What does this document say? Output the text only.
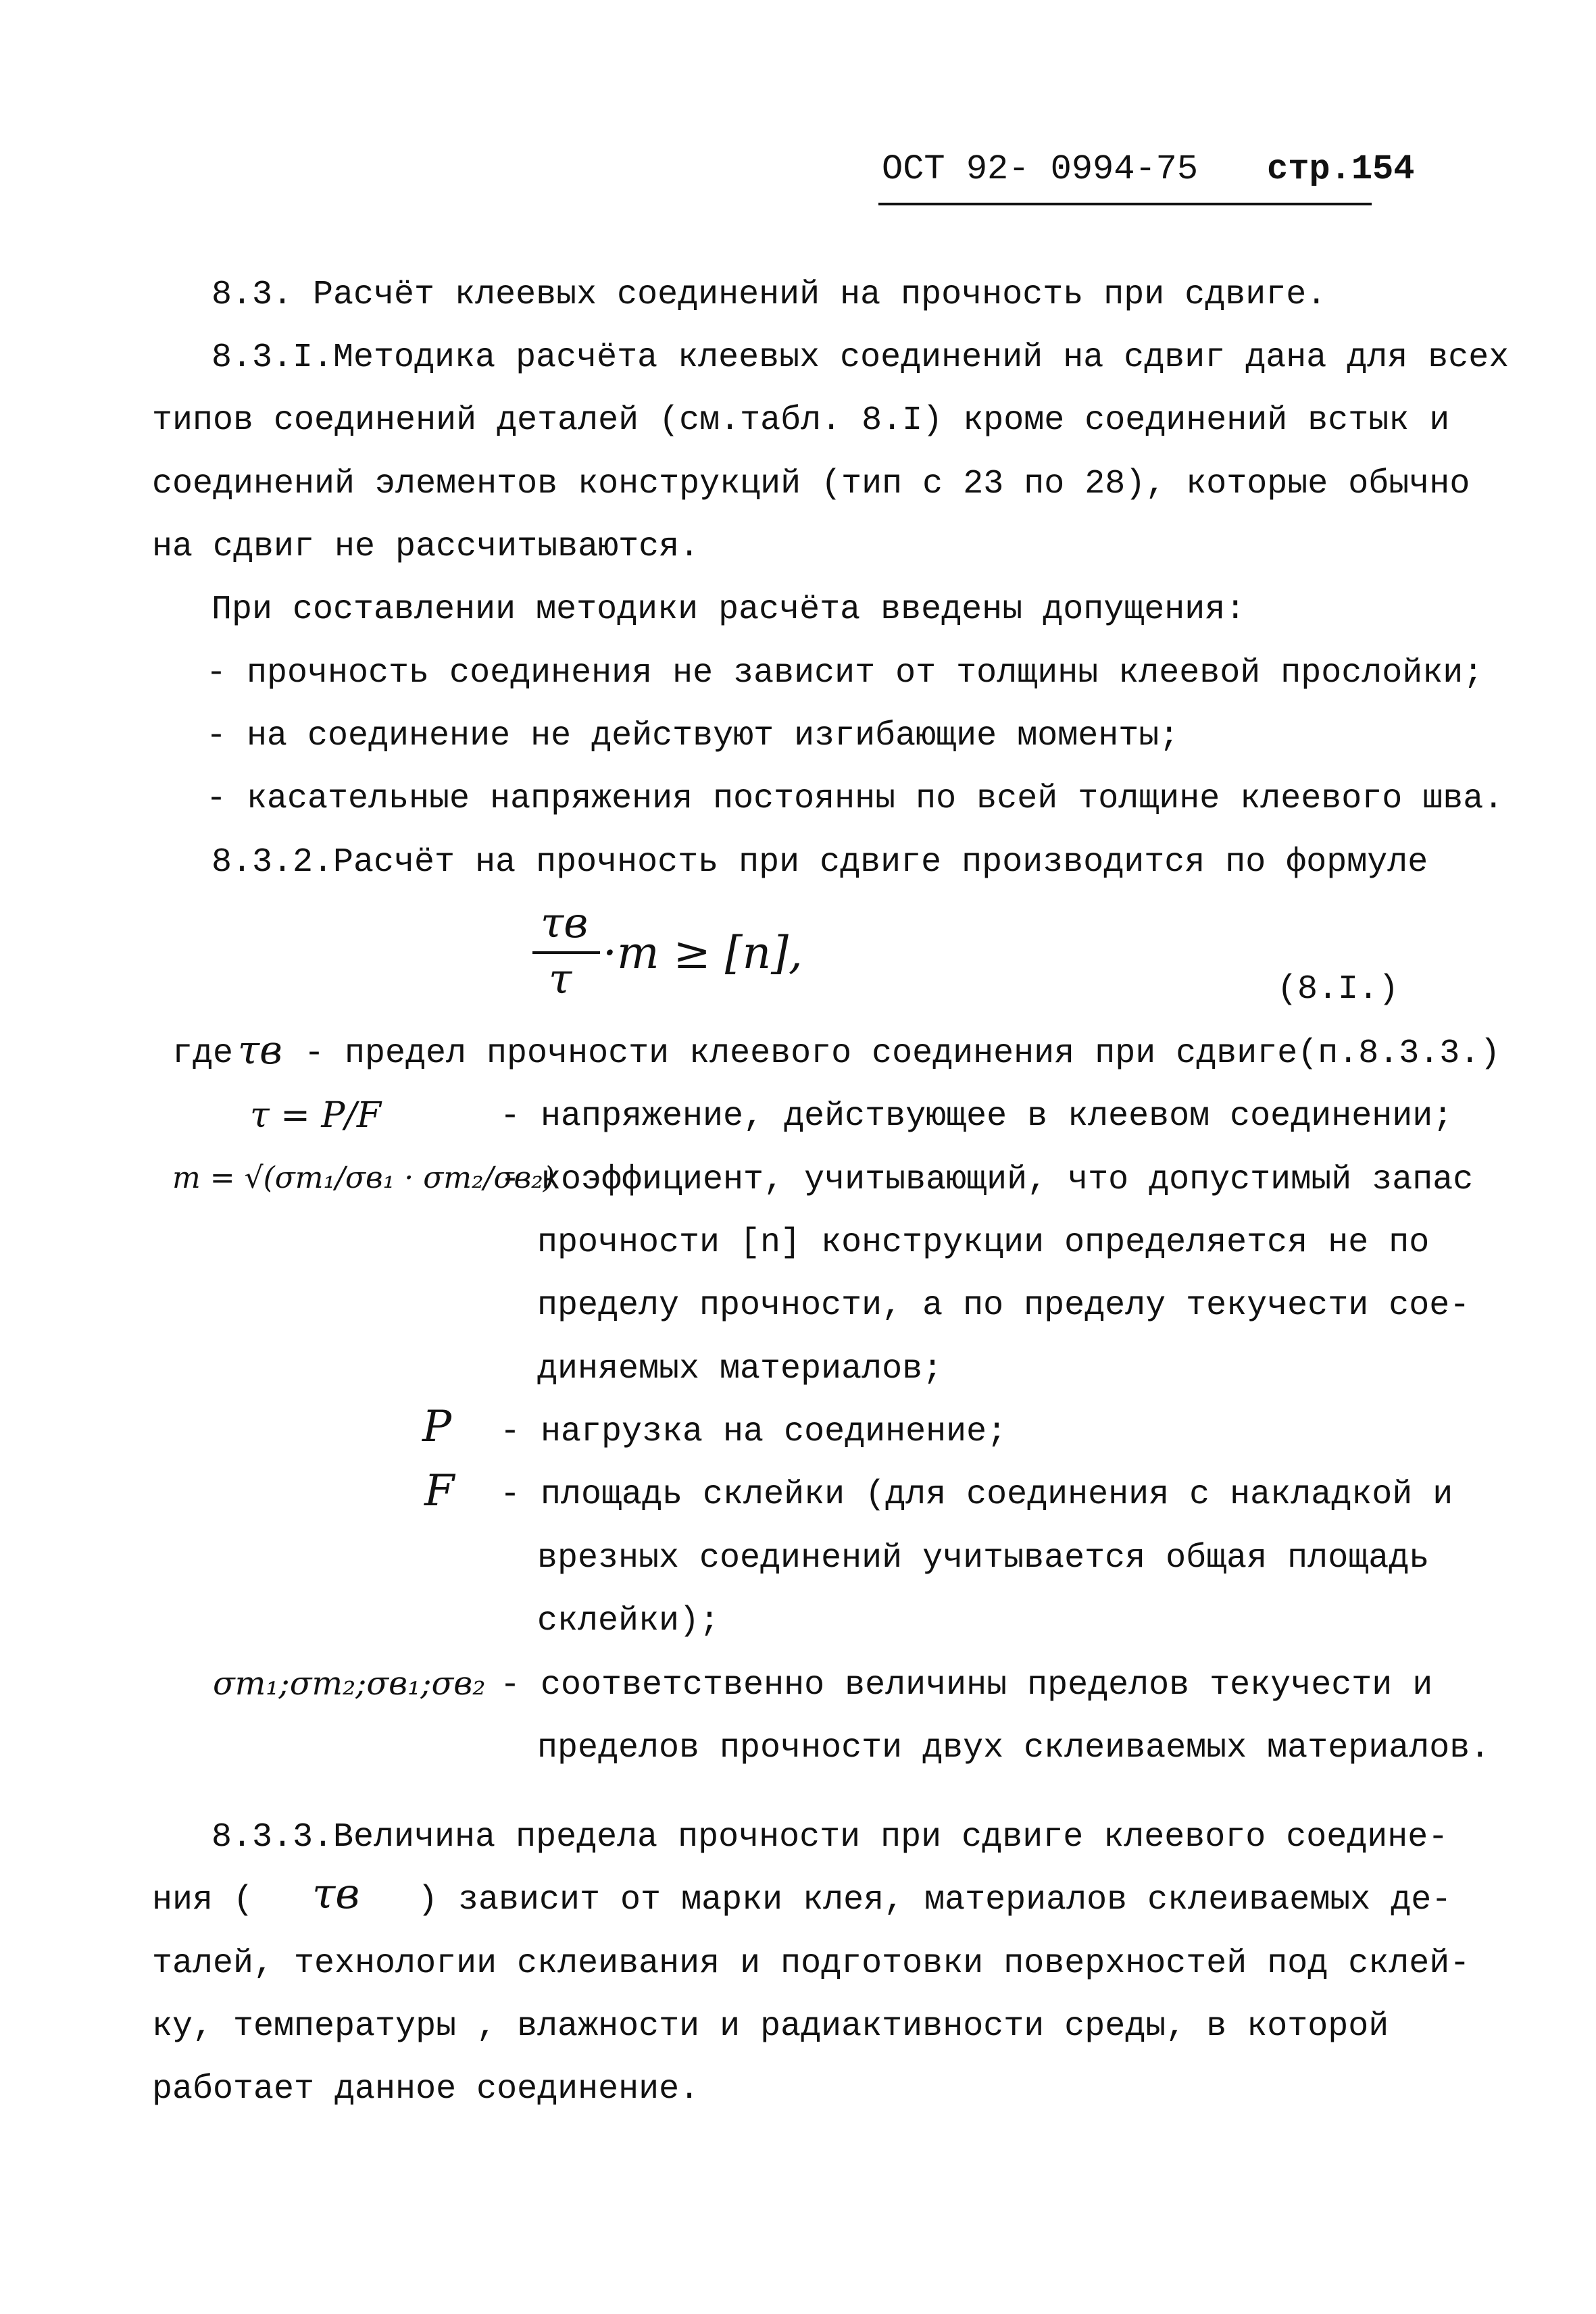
ОСТ 92- 0994-75 стр.154
8.3. Расчёт клеевых соединений на прочность при сдвиге.
8.3.I.Методика расчёта клеевых соединений на сдвиг дана для всех
типов соединений деталей (см.табл. 8.I) кроме соединений встык и
соединений элементов конструкций (тип с 23 по 28), которые обычно
на сдвиг не рассчитываются.
При составлении методики расчёта введены допущения:
- прочность соединения не зависит от толщины клеевой прослойки;
- на соединение не действуют изгибающие моменты;
- касательные напряжения постоянны по всей толщине клеевого шва.
8.3.2.Расчёт на прочность при сдвиге производится по формуле
τв
τ ·m ≥ [n],
(8.I.)
где τв - предел прочности клеевого соединения при сдвиге(п.8.3.3.)
τ = P/F	- напряжение, действующее в клеевом соединении;
m = √(σт₁/σв₁ · σт₂/σв₂)
- коэффициент, учитывающий, что допустимый запас
прочности [n] конструкции определяется не по
пределу прочности, а по пределу текучести сое-
диняемых материалов;
P - нагрузка на соединение;
F - площадь склейки (для соединения с накладкой и
врезных соединений учитывается общая площадь
склейки);
σт₁;σт₂;σв₁;σв₂ - соответственно величины пределов текучести и
пределов прочности двух склеиваемых материалов.
8.3.3.Величина предела прочности при сдвиге клеевого соедине-
ния ( τв ) зависит от марки клея, материалов склеиваемых де-
талей, технологии склеивания и подготовки поверхностей под склей-
ку, температуры , влажности и радиактивности среды, в которой
работает данное соединение.
